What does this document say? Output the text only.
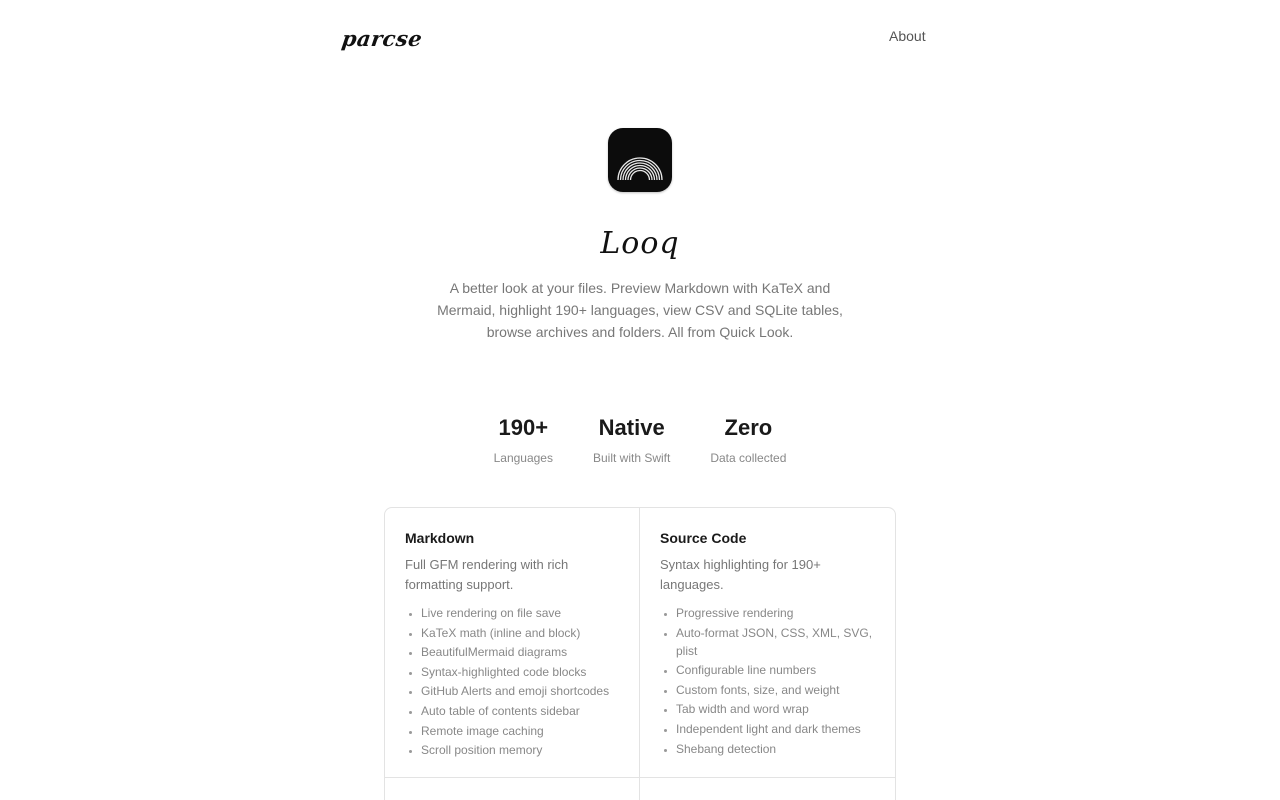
parcse	About
Looq

A better look at your files. Preview Markdown with KaTeX and Mermaid, highlight 190+ languages, view CSV and SQLite tables, browse archives and folders. All from Quick Look.

190+
Languages
Native
Built with Swift
Zero
Data collected
Markdown

Full GFM rendering with rich formatting support.

• Live rendering on file save
• KaTeX math (inline and block)
• BeautifulMermaid diagrams
• Syntax-highlighted code blocks
• GitHub Alerts and emoji shortcodes
• Auto table of contents sidebar
• Remote image caching
• Scroll position memory
Source Code

Syntax highlighting for 190+ languages.

• Progressive rendering
• Auto-format JSON, CSS, XML, SVG, plist
• Configurable line numbers
• Custom fonts, size, and weight
• Tab width and word wrap
• Independent light and dark themes
• Shebang detection
